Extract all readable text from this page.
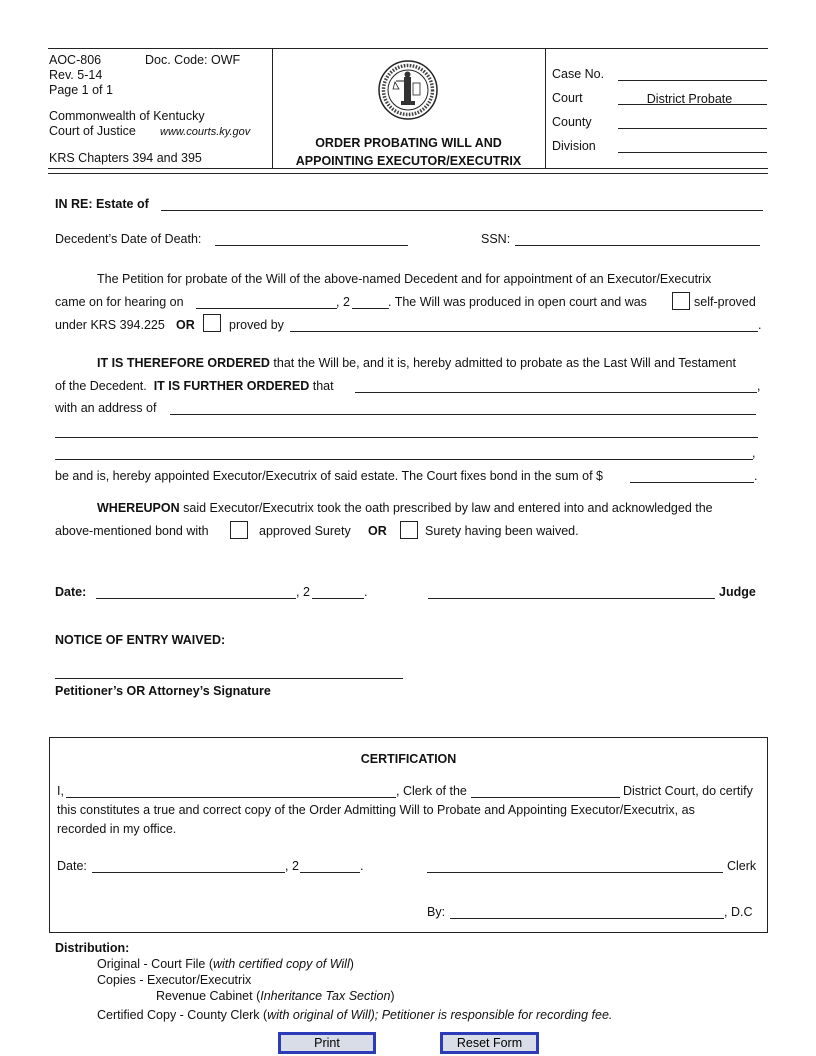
AOC-806	Doc. Code: OWF
Rev. 5-14
Page 1 of 1
Commonwealth of Kentucky
Court of Justice www.courts.ky.gov
KRS Chapters 394 and 395
ORDER PROBATING WILL AND
APPOINTING EXECUTOR/EXECUTRIX
Case No.
Court	District Probate
County
Division
IN RE: Estate of
Decedent’s Date of Death:	SSN:
The Petition for probate of the Will of the above-named Decedent and for appointment of an Executor/Executrix
came on for hearing on	, 2	. The Will was produced in open court and was	self-proved
under KRS 394.225 OR	proved by	.
IT IS THEREFORE ORDERED that the Will be, and it is, hereby admitted to probate as the Last Will and Testament
of the Decedent. IT IS FURTHER ORDERED that	,
with an address of
,
be and is, hereby appointed Executor/Executrix of said estate. The Court fixes bond in the sum of $	.
WHEREUPON said Executor/Executrix took the oath prescribed by law and entered into and acknowledged the
above-mentioned bond with	approved Surety OR	Surety having been waived.
Date:	, 2	.	Judge
NOTICE OF ENTRY WAIVED:
Petitioner’s OR Attorney’s Signature
CERTIFICATION
I,	, Clerk of the	District Court, do certify
this constitutes a true and correct copy of the Order Admitting Will to Probate and Appointing Executor/Executrix, as
recorded in my office.
Date:	, 2	.	Clerk
By:	, D.C
Distribution:
Original - Court File (with certified copy of Will)
Copies - Executor/Executrix
Revenue Cabinet (Inheritance Tax Section)
Certified Copy - County Clerk (with original of Will); Petitioner is responsible for recording fee.
Print	Reset Form
